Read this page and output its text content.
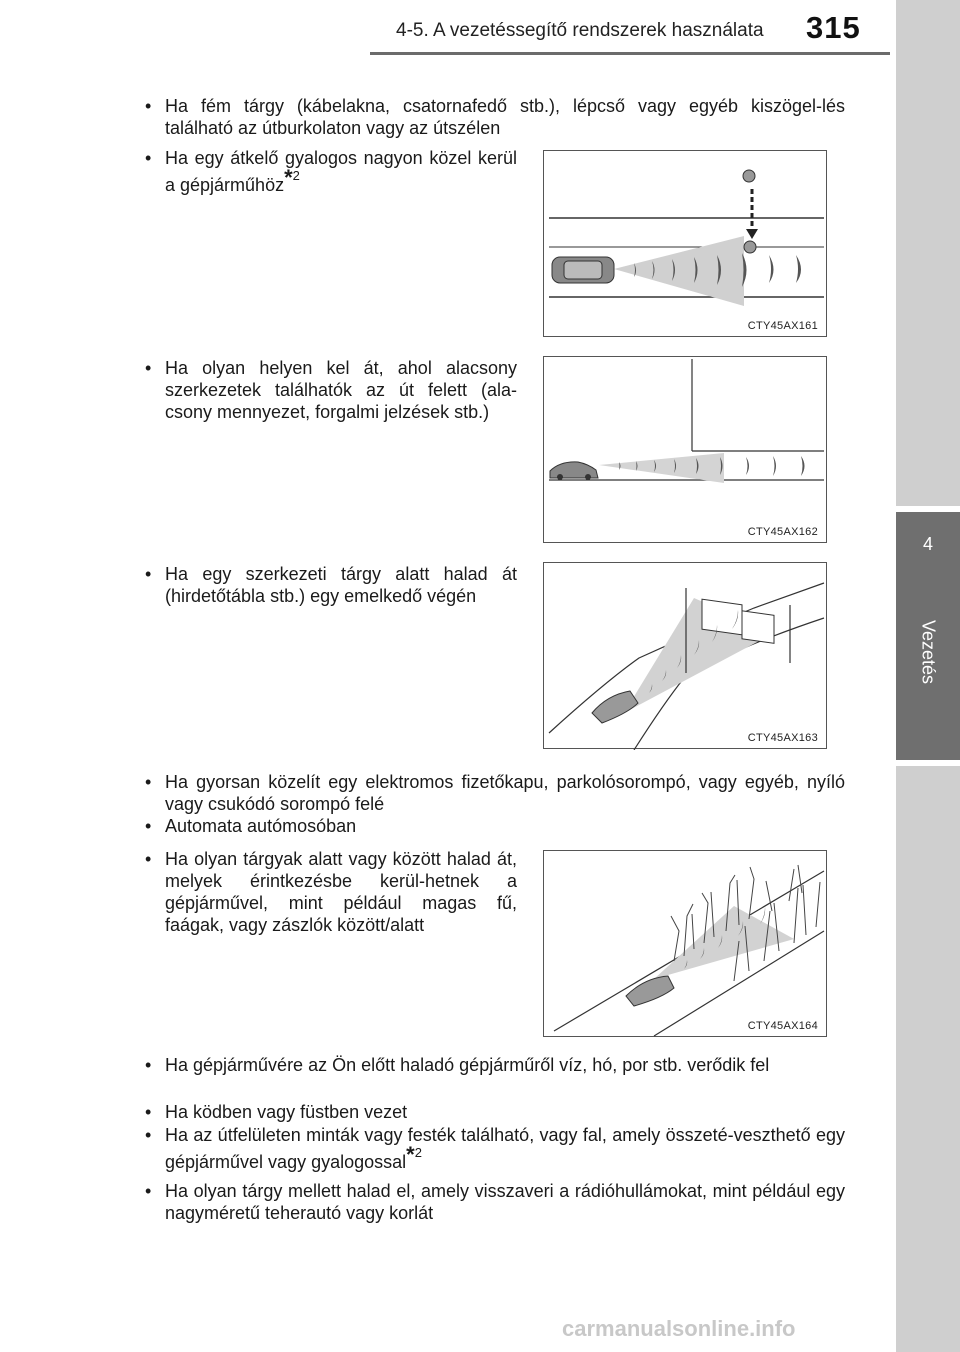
4-5. A vezetéssegítő rendszerek használata 315
4
Vezetés
• Ha fém tárgy (kábelakna, csatornafedő stb.), lépcső vagy egyéb kiszögel-lés található az útburkolaton vagy az útszélen

• Ha egy átkelő gyalogos nagyon közel kerül a gépjárműhöz*$^2$

• Ha olyan helyen kel át, ahol alacsony szerkezetek találhatók az út felett (ala-csony mennyezet, forgalmi jelzések stb.)

• Ha egy szerkezeti tárgy alatt halad át (hirdetőtábla stb.) egy emelkedő végén

• Ha gyorsan közelít egy elektromos fizetőkapu, parkolósorompó, vagy egyéb, nyíló vagy csukódó sorompó felé

• Automata autómosóban

• Ha olyan tárgyak alatt vagy között halad át, melyek érintkezésbe kerül-hetnek a gépjárművel, mint például magas fű, faágak, vagy zászlók között/alatt

• Ha gépjárművére az Ön előtt haladó gépjárműről víz, hó, por stb. verődik fel

• Ha ködben vagy füstben vezet

• Ha az útfelületen minták vagy festék található, vagy fal, amely összeté-veszthető egy gépjárművel vagy gyalogossal*$^2$

• Ha olyan tárgy mellett halad el, amely visszaveri a rádióhullámokat, mint például egy nagyméretű teherautó vagy korlát

CTY45AX161
CTY45AX162
CTY45AX163
CTY45AX164
carmanualsonline.info
